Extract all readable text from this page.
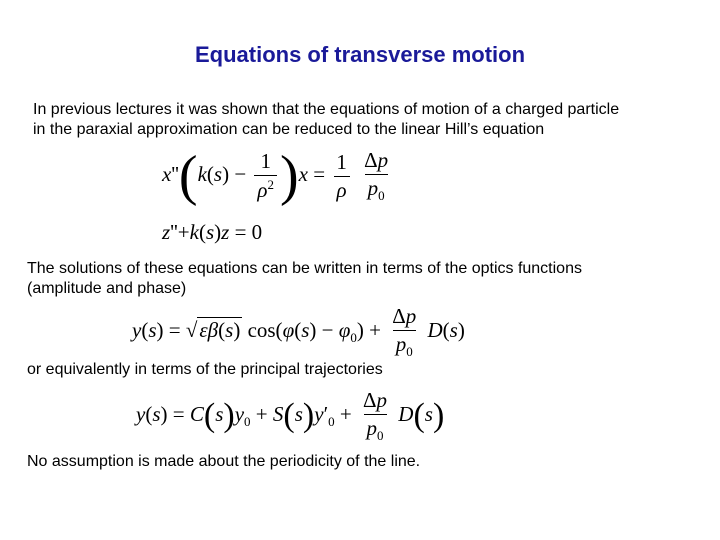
Equations of transverse motion
In previous lectures it was shown that the equations of motion of a charged particle
in the paraxial approximation can be reduced to the linear Hill’s equation
$x''(k(s) - \frac{1}{\rho^2} )x = \frac{1}{\rho}$
$\frac{\Delta p}{p_0}$
z''+k(s)z = 0
The solutions of these equations can be written in terms of the optics functions
(amplitude and phase)
y(s) = √εβ(s) $\cos(\varphi(s) - \varphi_0) + \frac{\Delta p}{p_0} D(s)$
or equivalently in terms of the principal trajectories
$y(s) = C(s)y_0 + S(s)y'_0 + \frac{\Delta p}{p_0} D(s)$
No assumption is made about the periodicity of the line.
